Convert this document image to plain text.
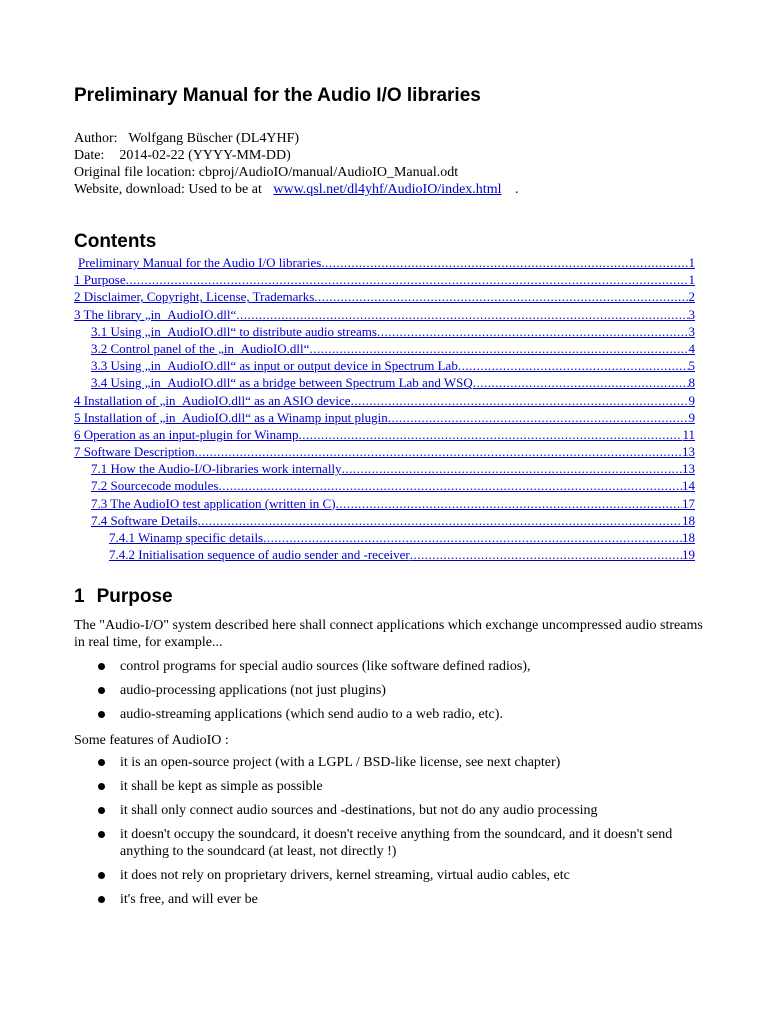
Preliminary Manual for the Audio I/O libraries
Author: Wolfgang Büscher (DL4YHF)
Date: 2014-02-22 (YYYY-MM-DD)
Original file location: cbproj/AudioIO/manual/AudioIO_Manual.odt
Website, download: Used to be at www.qsl.net/dl4yhf/AudioIO/index.html .
Contents
Preliminary Manual for the Audio I/O libraries .....	1
1 Purpose .....	1
2 Disclaimer, Copyright, License, Trademarks .....	2
3 The library „in_AudioIO.dll“ .....	3
3.1 Using „in_AudioIO.dll“ to distribute audio streams .....	3
3.2 Control panel of the „in_AudioIO.dll“ .....	4
3.3 Using „in_AudioIO.dll“ as input or output device in Spectrum Lab .....	5
3.4 Using „in_AudioIO.dll“ as a bridge between Spectrum Lab and WSQ .....	8
4 Installation of „in_AudioIO.dll“ as an ASIO device .....	9
5 Installation of „in_AudioIO.dll“ as a Winamp input plugin .....	9
6 Operation as an input-plugin for Winamp .....	11
7 Software Description .....	13
7.1 How the Audio-I/O-libraries work internally .....	13
7.2 Sourcecode modules .....	14
7.3 The AudioIO test application (written in C) .....	17
7.4 Software Details .....	18
7.4.1 Winamp specific details .....	18
7.4.2 Initialisation sequence of audio sender and -receiver .....	19
1 Purpose
The "Audio-I/O" system described here shall connect applications which exchange uncompressed audio streams in real time, for example...
control programs for special audio sources (like software defined radios),
audio-processing applications (not just plugins)
audio-streaming applications (which send audio to a web radio, etc).
Some features of AudioIO :
it is an open-source project (with a LGPL / BSD-like license, see next chapter)
it shall be kept as simple as possible
it shall only connect audio sources and -destinations, but not do any audio processing
it doesn't occupy the soundcard, it doesn't receive anything from the soundcard, and it doesn't send anything to the soundcard (at least, not directly !)
it does not rely on proprietary drivers, kernel streaming, virtual audio cables, etc
it's free, and will ever be
